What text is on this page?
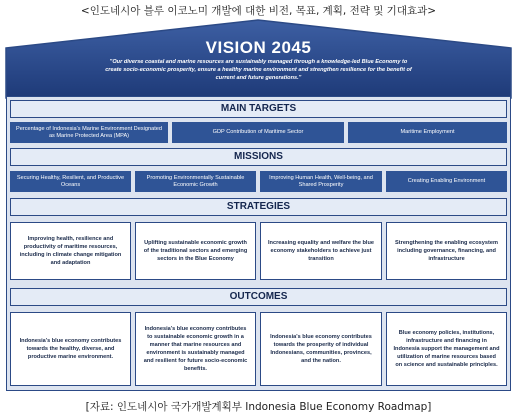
<인도네시아 블루 이코노미 개발에 대한 비전, 목표, 계획, 전략 및 기대효과>
VISION 2045
"Our diverse coastal and marine resources are sustainably managed through a knowledge-led Blue Economy to create socio-economic prosperity, ensure a healthy marine environment and strengthen resilience for the benefit of current and future generations."
MAIN TARGETS
Percentage of Indonesia's Marine Environment Designated as Marine Protected Area (MPA)
GDP Contribution of Maritime Sector	Maritime Employment
MISSIONS
Securing Healthy, Resilient, and Productive Oceans
Promoting Environmentally Sustainable Economic Growth
Improving Human Health, Well-being, and Shared Prosperity
Creating Enabling Environment
STRATEGIES
Improving health, resilience and productivity of maritime resources, including in climate change mitigation and adaptation
Uplifting sustainable economic growth of the traditional sectors and emerging sectors in the Blue Economy
Increasing equality and welfare the blue economy stakeholders to achieve just transition
Strengthening the enabling ecosystem including governance, financing, and infrastructure
OUTCOMES
Indonesia's blue economy contributes towards the healthy, diverse, and productive marine environment.
Indonesia's blue economy contributes to sustainable economic growth in a manner that marine resources and environment is sustainably managed and resilient for future socio-economic benefits.
Indonesia's blue economy contributes towards the prosperity of individual Indonesians, communities, provinces, and the nation.
Blue economy policies, institutions, infrastructure and financing in Indonesia support the management and utilization of marine resources based on science and sustainable principles.
[자료: 인도네시아 국가개발계획부 Indonesia Blue Economy Roadmap]
